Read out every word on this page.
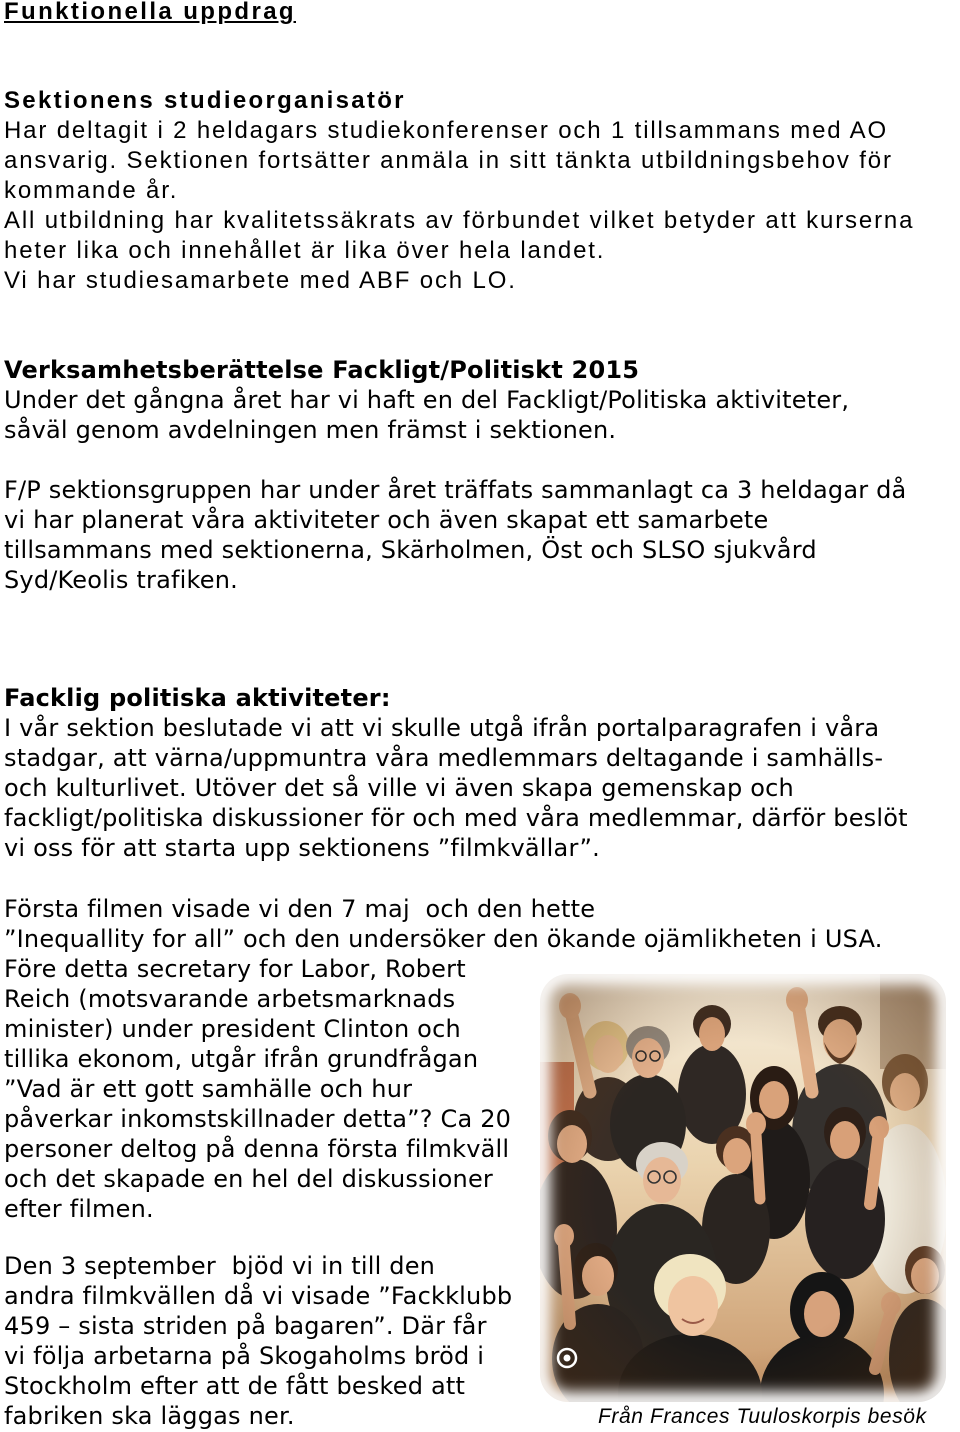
Funktionella uppdrag
Sektionens studieorganisatör
Har deltagit i 2 heldagars studiekonferenser och 1 tillsammans med AO
ansvarig. Sektionen fortsätter anmäla in sitt tänkta utbildningsbehov för
kommande år.
All utbildning har kvalitetssäkrats av förbundet vilket betyder att kurserna
heter lika och innehållet är lika över hela landet.
Vi har studiesamarbete med ABF och LO.
Verksamhetsberättelse Fackligt/Politiskt 2015
Under det gångna året har vi haft en del Fackligt/Politiska aktiviteter,
såväl genom avdelningen men främst i sektionen.
F/P sektionsgruppen har under året träffats sammanlagt ca 3 heldagar då
vi har planerat våra aktiviteter och även skapat ett samarbete
tillsammans med sektionerna, Skärholmen, Öst och SLSO sjukvård
Syd/Keolis trafiken.
Facklig politiska aktiviteter:
I vår sektion beslutade vi att vi skulle utgå ifrån portalparagrafen i våra
stadgar, att värna/uppmuntra våra medlemmars deltagande i samhälls-
och kulturlivet. Utöver det så ville vi även skapa gemenskap och
fackligt/politiska diskussioner för och med våra medlemmar, därför beslöt
vi oss för att starta upp sektionens ”filmkvällar”.
Första filmen visade vi den 7 maj  och den hette
”Inequallity for all” och den undersöker den ökande ojämlikheten i USA.
Före detta secretary for Labor, Robert
Reich (motsvarande arbetsmarknads
minister) under president Clinton och
tillika ekonom, utgår ifrån grundfrågan
”Vad är ett gott samhälle och hur
påverkar inkomstskillnader detta”? Ca 20
personer deltog på denna första filmkväll
och det skapade en hel del diskussioner
efter filmen.
Den 3 september  bjöd vi in till den
andra filmkvällen då vi visade ”Fackklubb
459 – sista striden på bagaren”. Där får
vi följa arbetarna på Skogaholms bröd i
Stockholm efter att de fått besked att
fabriken ska läggas ner.	Från Frances Tuuloskorpis besök
